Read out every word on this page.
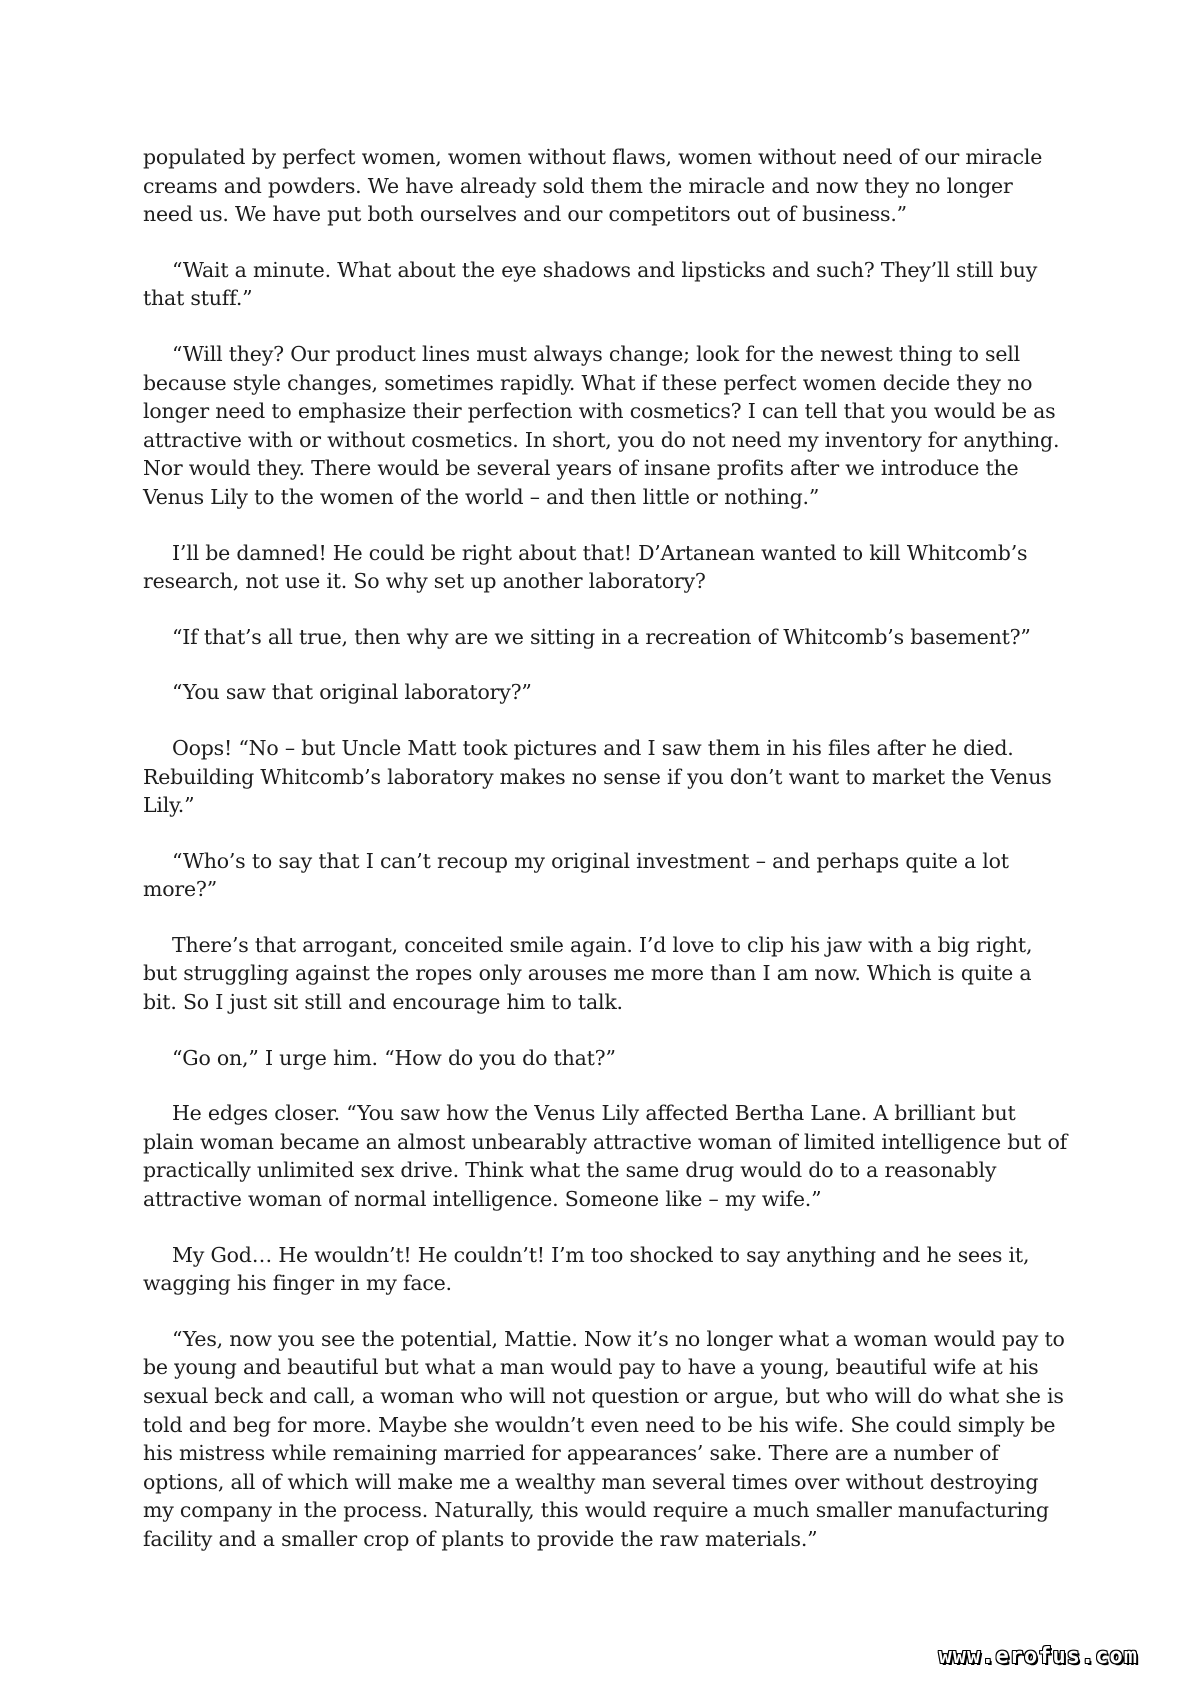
populated by perfect women, women without flaws, women without need of our miracle creams and powders. We have already sold them the miracle and now they no longer need us. We have put both ourselves and our competitors out of business.”

“Wait a minute. What about the eye shadows and lipsticks and such? They’ll still buy that stuff.”

“Will they? Our product lines must always change; look for the newest thing to sell because style changes, sometimes rapidly. What if these perfect women decide they no longer need to emphasize their perfection with cosmetics? I can tell that you would be as attractive with or without cosmetics. In short, you do not need my inventory for anything. Nor would they. There would be several years of insane profits after we introduce the Venus Lily to the women of the world – and then little or nothing.”

I’ll be damned! He could be right about that! D’Artanean wanted to kill Whitcomb’s research, not use it. So why set up another laboratory?

“If that’s all true, then why are we sitting in a recreation of Whitcomb’s basement?”

“You saw that original laboratory?”

Oops! “No – but Uncle Matt took pictures and I saw them in his files after he died. Rebuilding Whitcomb’s laboratory makes no sense if you don’t want to market the Venus Lily.”

“Who’s to say that I can’t recoup my original investment – and perhaps quite a lot more?”

There’s that arrogant, conceited smile again. I’d love to clip his jaw with a big right, but struggling against the ropes only arouses me more than I am now. Which is quite a bit. So I just sit still and encourage him to talk.

“Go on,” I urge him. “How do you do that?”

He edges closer. “You saw how the Venus Lily affected Bertha Lane. A brilliant but plain woman became an almost unbearably attractive woman of limited intelligence but of practically unlimited sex drive. Think what the same drug would do to a reasonably attractive woman of normal intelligence. Someone like – my wife.”

My God… He wouldn’t! He couldn’t! I’m too shocked to say anything and he sees it, wagging his finger in my face.

“Yes, now you see the potential, Mattie. Now it’s no longer what a woman would pay to be young and beautiful but what a man would pay to have a young, beautiful wife at his sexual beck and call, a woman who will not question or argue, but who will do what she is told and beg for more. Maybe she wouldn’t even need to be his wife. She could simply be his mistress while remaining married for appearances’ sake. There are a number of options, all of which will make me a wealthy man several times over without destroying my company in the process. Naturally, this would require a much smaller manufacturing facility and a smaller crop of plants to provide the raw materials.”

www.erofus.com
